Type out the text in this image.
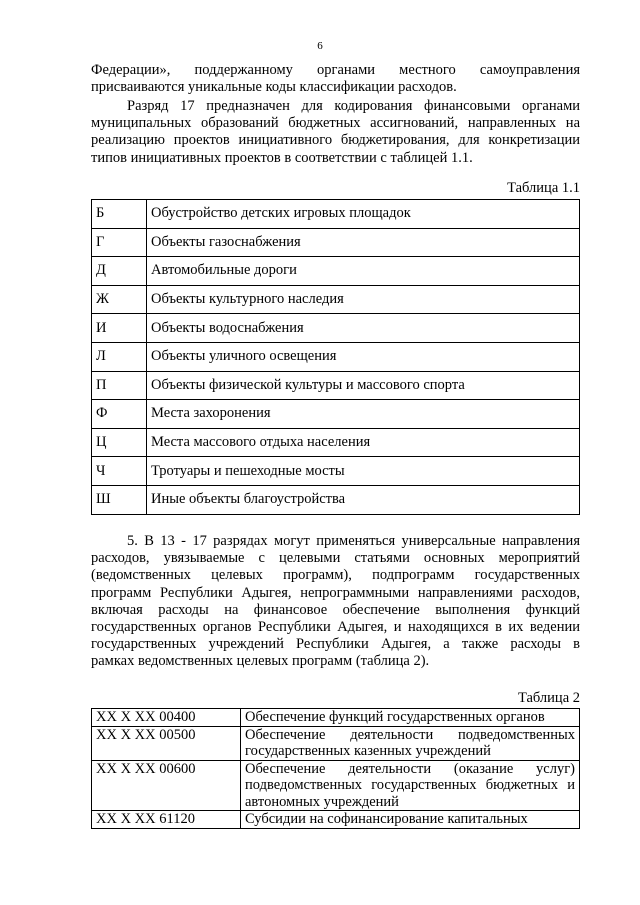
6
Федерации», поддержанному органами местного самоуправления
присваиваются уникальные коды классификации расходов.
Разряд 17 предназначен для кодирования финансовыми органами
муниципальных образований бюджетных ассигнований, направленных на
реализацию проектов инициативного бюджетирования, для конкретизации
типов инициативных проектов в соответствии с таблицей 1.1.
Таблица 1.1
Б	Обустройство детских игровых площадок
Г	Объекты газоснабжения
Д	Автомобильные дороги
Ж	Объекты культурного наследия
И	Объекты водоснабжения
Л	Объекты уличного освещения
П	Объекты физической культуры и массового спорта
Ф	Места захоронения
Ц	Места массового отдыха населения
Ч	Тротуары и пешеходные мосты
Ш	Иные объекты благоустройства
5. В 13 - 17 разрядах могут применяться универсальные направления
расходов, увязываемые с целевыми статьями основных мероприятий
(ведомственных целевых программ), подпрограмм государственных
программ Республики Адыгея, непрограммными направлениями расходов,
включая расходы на финансовое обеспечение выполнения функций
государственных органов Республики Адыгея, и находящихся в их ведении
государственных учреждений Республики Адыгея, а также расходы в
рамках ведомственных целевых программ (таблица 2).
Таблица 2
XX X XX 00400	Обеспечение функций государственных органов

XX X XX 00500	Обеспечение деятельности подведомственных
государственных казенных учреждений

XX X XX 00600	Обеспечение деятельности (оказание услуг)
подведомственных государственных бюджетных и
автономных учреждений

XX X XX 61120	Субсидии на софинансирование капитальных
